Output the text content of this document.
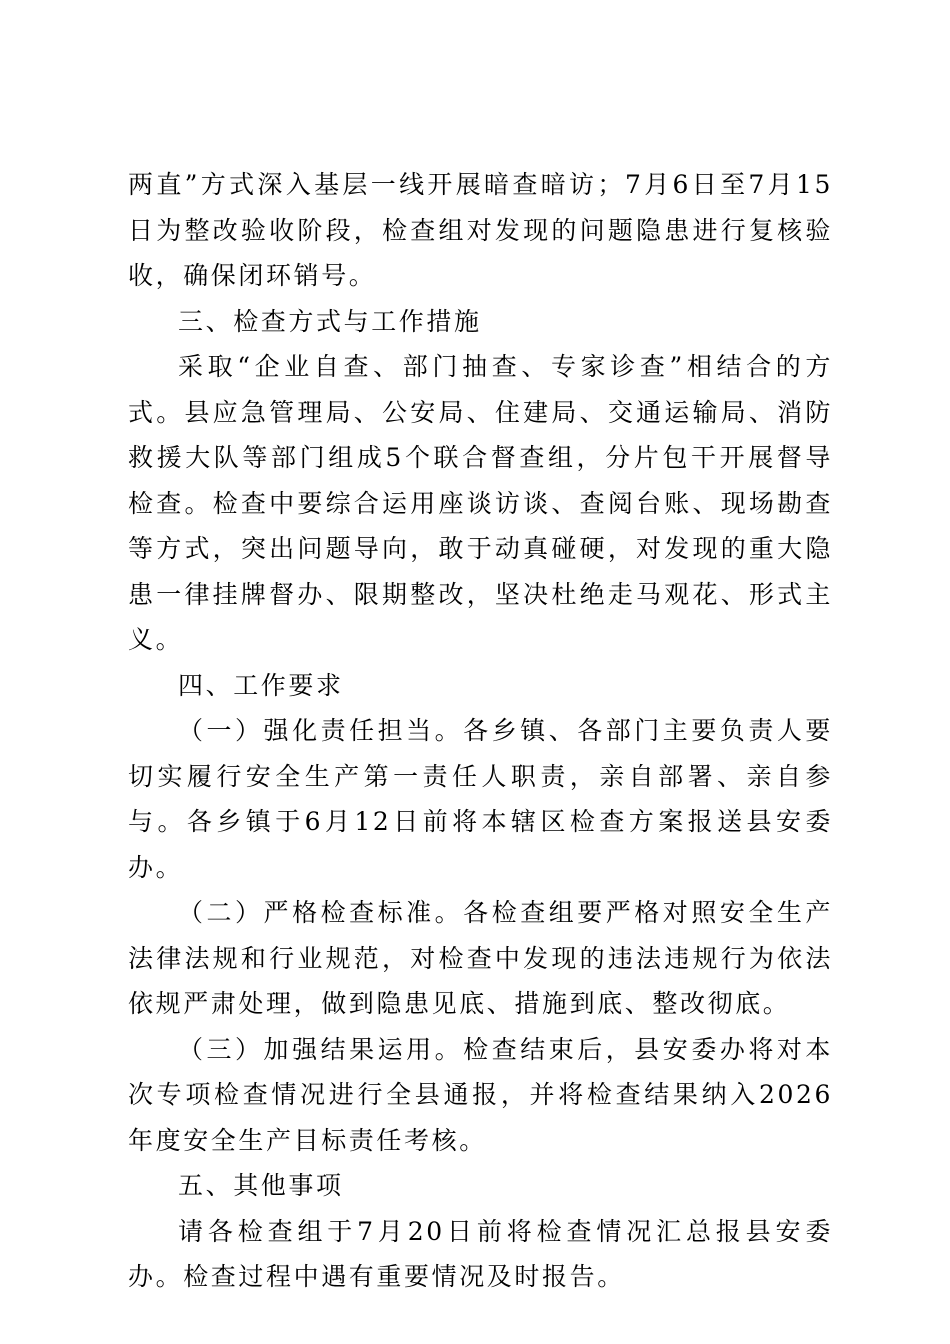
两直”方式深入基层一线开展暗查暗访；7月6日至7月15日为整改验收阶段，检查组对发现的问题隐患进行复核验收，确保闭环销号。

三、检查方式与工作措施

采取“企业自查、部门抽查、专家诊查”相结合的方式。县应急管理局、公安局、住建局、交通运输局、消防救援大队等部门组成5个联合督查组，分片包干开展督导检查。检查中要综合运用座谈访谈、查阅台账、现场勘查等方式，突出问题导向，敢于动真碰硬，对发现的重大隐患一律挂牌督办、限期整改，坚决杜绝走马观花、形式主义。

四、工作要求

（一）强化责任担当。各乡镇、各部门主要负责人要切实履行安全生产第一责任人职责，亲自部署、亲自参与。各乡镇于6月12日前将本辖区检查方案报送县安委办。

（二）严格检查标准。各检查组要严格对照安全生产法律法规和行业规范，对检查中发现的违法违规行为依法依规严肃处理，做到隐患见底、措施到底、整改彻底。

（三）加强结果运用。检查结束后，县安委办将对本次专项检查情况进行全县通报，并将检查结果纳入2026年度安全生产目标责任考核。

五、其他事项

请各检查组于7月20日前将检查情况汇总报县安委办。检查过程中遇有重要情况及时报告。
